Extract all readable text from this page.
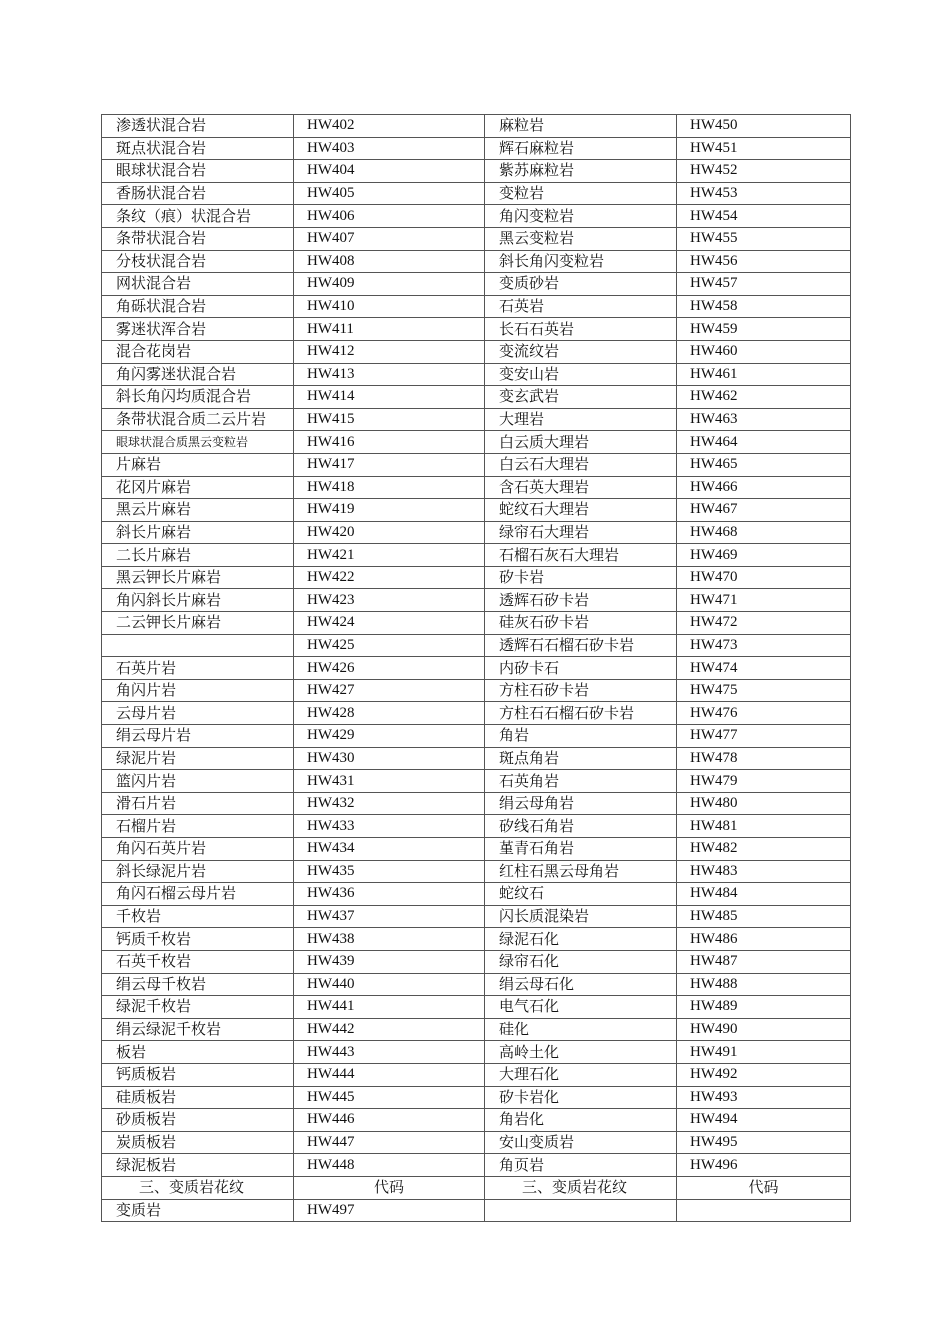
渗透状混合岩	HW402	麻粒岩	HW450
斑点状混合岩	HW403	辉石麻粒岩	HW451
眼球状混合岩	HW404	紫苏麻粒岩	HW452
香肠状混合岩	HW405	变粒岩	HW453
条纹（痕）状混合岩	HW406	角闪变粒岩	HW454
条带状混合岩	HW407	黑云变粒岩	HW455
分枝状混合岩	HW408	斜长角闪变粒岩	HW456
网状混合岩	HW409	变质砂岩	HW457
角砾状混合岩	HW410	石英岩	HW458
雾迷状浑合岩	HW411	长石石英岩	HW459
混合花岗岩	HW412	变流纹岩	HW460
角闪雾迷状混合岩	HW413	变安山岩	HW461
斜长角闪均质混合岩	HW414	变玄武岩	HW462
条带状混合质二云片岩	HW415	大理岩	HW463
眼球状混合质黑云变粒岩	HW416	白云质大理岩	HW464
片麻岩	HW417	白云石大理岩	HW465
花冈片麻岩	HW418	含石英大理岩	HW466
黑云片麻岩	HW419	蛇纹石大理岩	HW467
斜长片麻岩	HW420	绿帘石大理岩	HW468
二长片麻岩	HW421	石榴石灰石大理岩	HW469
黑云钾长片麻岩	HW422	矽卡岩	HW470
角闪斜长片麻岩	HW423	透辉石矽卡岩	HW471
二云钾长片麻岩	HW424	硅灰石矽卡岩	HW472
	HW425	透辉石石榴石矽卡岩	HW473
石英片岩	HW426	内矽卡石	HW474
角闪片岩	HW427	方柱石矽卡岩	HW475
云母片岩	HW428	方柱石石榴石矽卡岩	HW476
绢云母片岩	HW429	角岩	HW477
绿泥片岩	HW430	斑点角岩	HW478
篮闪片岩	HW431	石英角岩	HW479
滑石片岩	HW432	绢云母角岩	HW480
石榴片岩	HW433	矽线石角岩	HW481
角闪石英片岩	HW434	堇青石角岩	HW482
斜长绿泥片岩	HW435	红柱石黑云母角岩	HW483
角闪石榴云母片岩	HW436	蛇纹石	HW484
千枚岩	HW437	闪长质混染岩	HW485
钙质千枚岩	HW438	绿泥石化	HW486
石英千枚岩	HW439	绿帘石化	HW487
绢云母千枚岩	HW440	绢云母石化	HW488
绿泥千枚岩	HW441	电气石化	HW489
绢云绿泥千枚岩	HW442	硅化	HW490
板岩	HW443	高岭土化	HW491
钙质板岩	HW444	大理石化	HW492
硅质板岩	HW445	矽卡岩化	HW493
砂质板岩	HW446	角岩化	HW494
炭质板岩	HW447	安山变质岩	HW495
绿泥板岩	HW448	角页岩	HW496
三、变质岩花纹	代码	三、变质岩花纹	代码
变质岩	HW497		
